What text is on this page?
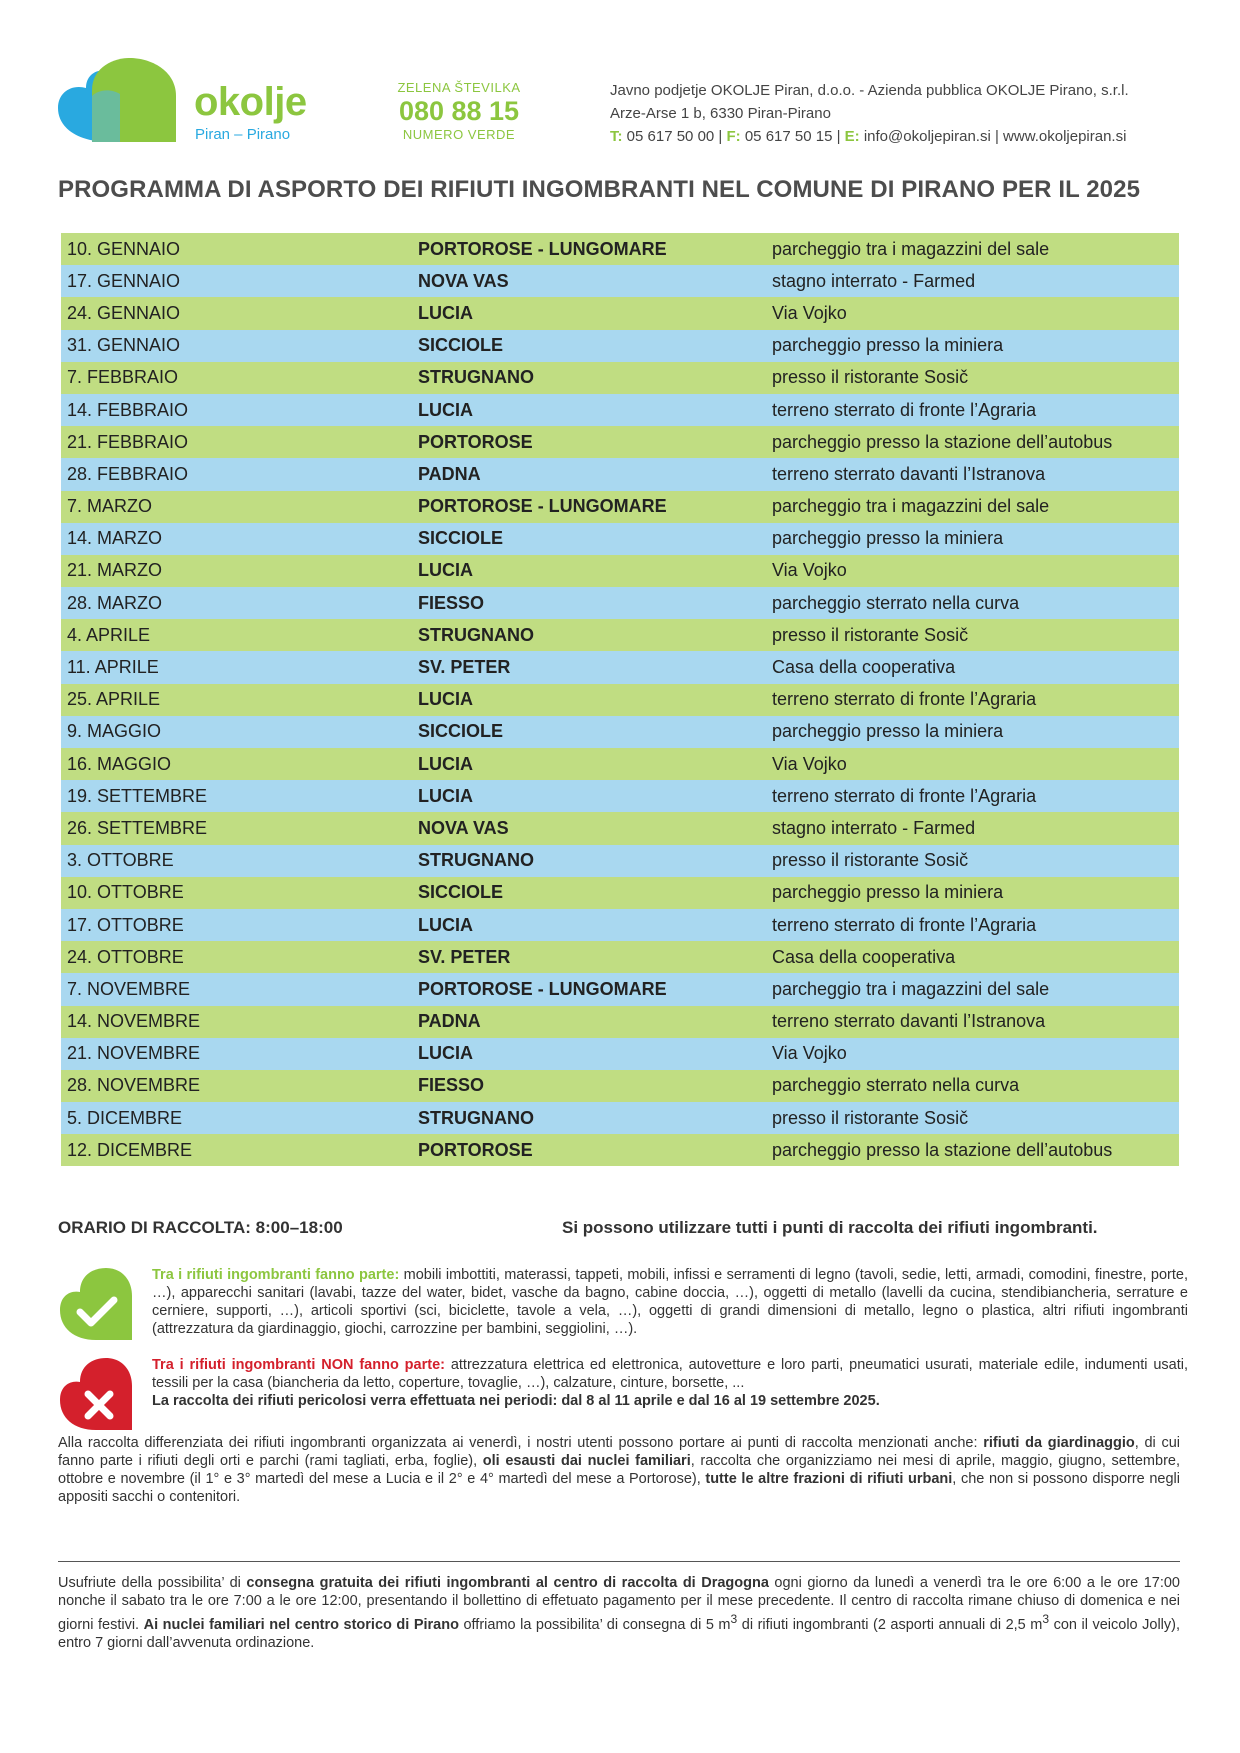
okolje
Piran – Pirano
ZELENA ŠTEVILKA
080 88 15
NUMERO VERDE
Javno podjetje OKOLJE Piran, d.o.o. - Azienda pubblica OKOLJE Pirano, s.r.l.
Arze-Arse 1 b, 6330 Piran-Pirano
T: 05 617 50 00 | F: 05 617 50 15 | E: info@okoljepiran.si | www.okoljepiran.si
PROGRAMMA DI ASPORTO DEI RIFIUTI INGOMBRANTI NEL COMUNE DI PIRANO PER IL 2025
10. GENNAIO	PORTOROSE - LUNGOMARE	parcheggio tra i magazzini del sale
17. GENNAIO	NOVA VAS	stagno interrato - Farmed
24. GENNAIO	LUCIA	Via Vojko
31. GENNAIO	SICCIOLE	parcheggio presso la miniera
7. FEBBRAIO	STRUGNANO	presso il ristorante Sosič
14. FEBBRAIO	LUCIA	terreno sterrato di fronte l’Agraria
21. FEBBRAIO	PORTOROSE	parcheggio presso la stazione dell’autobus
28. FEBBRAIO	PADNA	terreno sterrato davanti l’Istranova
7. MARZO	PORTOROSE - LUNGOMARE	parcheggio tra i magazzini del sale
14. MARZO	SICCIOLE	parcheggio presso la miniera
21. MARZO	LUCIA	Via Vojko
28. MARZO	FIESSO	parcheggio sterrato nella curva
4. APRILE	STRUGNANO	presso il ristorante Sosič
11. APRILE	SV. PETER	Casa della cooperativa
25. APRILE	LUCIA	terreno sterrato di fronte l’Agraria
9. MAGGIO	SICCIOLE	parcheggio presso la miniera
16. MAGGIO	LUCIA	Via Vojko
19. SETTEMBRE	LUCIA	terreno sterrato di fronte l’Agraria
26. SETTEMBRE	NOVA VAS	stagno interrato - Farmed
3. OTTOBRE	STRUGNANO	presso il ristorante Sosič
10. OTTOBRE	SICCIOLE	parcheggio presso la miniera
17. OTTOBRE	LUCIA	terreno sterrato di fronte l’Agraria
24. OTTOBRE	SV. PETER	Casa della cooperativa
7. NOVEMBRE	PORTOROSE - LUNGOMARE	parcheggio tra i magazzini del sale
14. NOVEMBRE	PADNA	terreno sterrato davanti l’Istranova
21. NOVEMBRE	LUCIA	Via Vojko
28. NOVEMBRE	FIESSO	parcheggio sterrato nella curva
5. DICEMBRE	STRUGNANO	presso il ristorante Sosič
12. DICEMBRE	PORTOROSE	parcheggio presso la stazione dell’autobus
ORARIO DI RACCOLTA: 8:00–18:00	Si possono utilizzare tutti i punti di raccolta dei rifiuti ingombranti.
Tra i rifiuti ingombranti fanno parte: mobili imbottiti, materassi, tappeti, mobili, infissi e serramenti di legno (tavoli, sedie, letti, armadi, comodini, finestre, porte, …), apparecchi sanitari (lavabi, tazze del water, bidet, vasche da bagno, cabine doccia, …), oggetti di metallo (lavelli da cucina, stendibiancheria, serrature e cerniere, supporti, …), articoli sportivi (sci, biciclette, tavole a vela, …), oggetti di grandi dimensioni di metallo, legno o plastica, altri rifiuti ingombranti (attrezzatura da giardinaggio, giochi, carrozzine per bambini, seggiolini, …).
Tra i rifiuti ingombranti NON fanno parte: attrezzatura elettrica ed elettronica, autovetture e loro parti, pneumatici usurati, materiale edile, indumenti usati, tessili per la casa (biancheria da letto, coperture, tovaglie, …), calzature, cinture, borsette, ...
La raccolta dei rifiuti pericolosi verra effettuata nei periodi: dal 8 al 11 aprile e dal 16 al 19 settembre 2025.
Alla raccolta differenziata dei rifiuti ingombranti organizzata ai venerdì, i nostri utenti possono portare ai punti di raccolta menzionati anche: rifiuti da giardinaggio, di cui fanno parte i rifiuti degli orti e parchi (rami tagliati, erba, foglie), oli esausti dai nuclei familiari, raccolta che organizziamo nei mesi di aprile, maggio, giugno, settembre, ottobre e novembre (il 1° e 3° martedì del mese a Lucia e il 2° e 4° martedì del mese a Portorose), tutte le altre frazioni di rifiuti urbani, che non si possono disporre negli appositi sacchi o contenitori.
Usufriute della possibilita’ di consegna gratuita dei rifiuti ingombranti al centro di raccolta di Dragogna ogni giorno da lunedì a venerdì tra le ore 6:00 a le ore 17:00 nonche il sabato tra le ore 7:00 a le ore 12:00, presentando il bollettino di effetuato pagamento per il mese precedente. Il centro di raccolta rimane chiuso di domenica e nei giorni festivi. Ai nuclei familiari nel centro storico di Pirano offriamo la possibilita’ di consegna di 5 $m^3$ di rifiuti ingombranti (2 asporti annuali di 2,5 $m^3$ con il veicolo Jolly), entro 7 giorni dall’avvenuta ordinazione.
